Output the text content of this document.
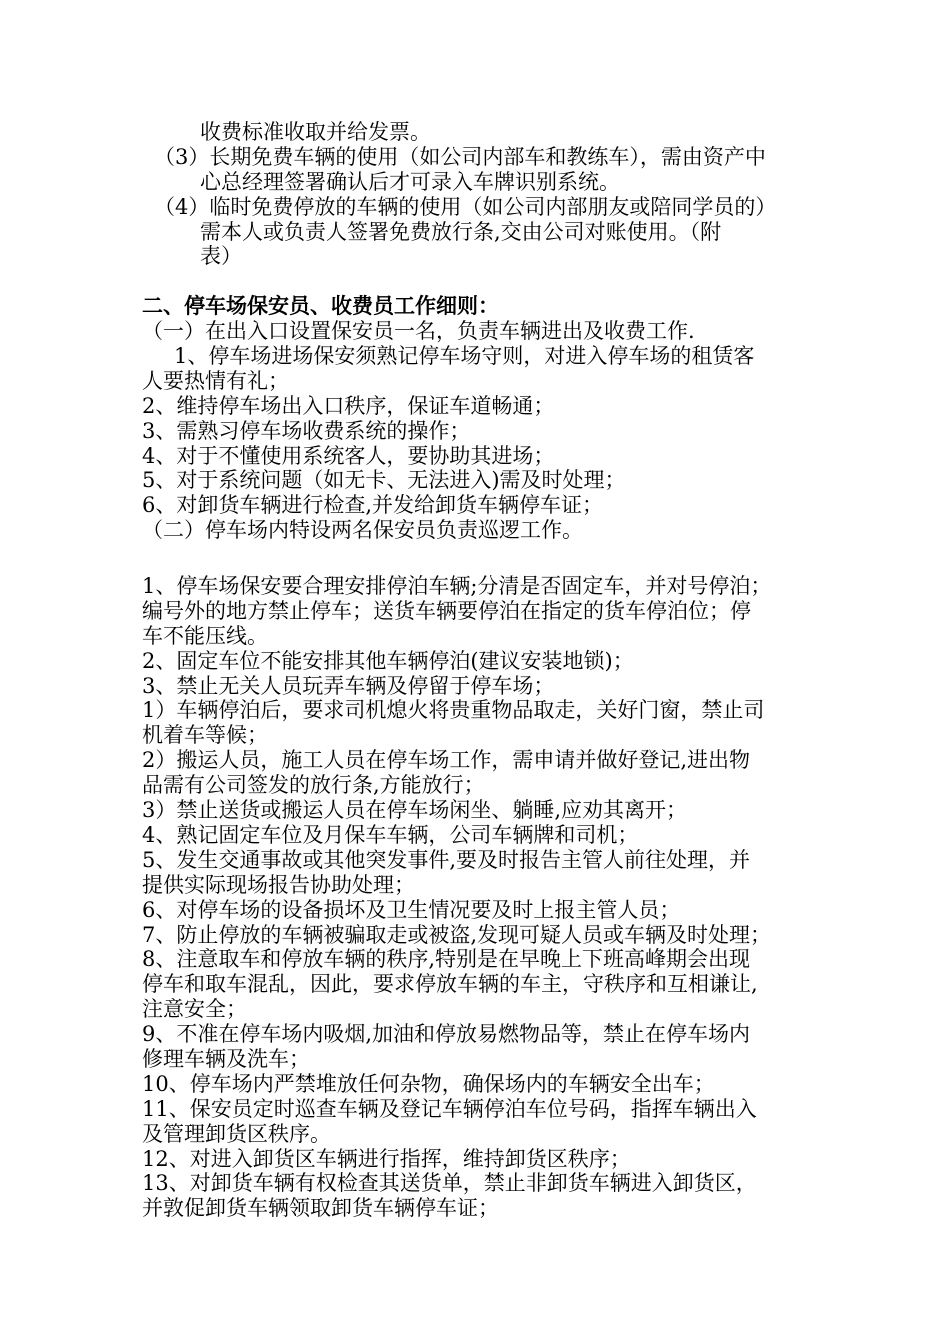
收费标准收取并给发票。
（3）长期免费车辆的使用（如公司内部车和教练车），需由资产中
心总经理签署确认后才可录入车牌识别系统。
（4）临时免费停放的车辆的使用（如公司内部朋友或陪同学员的）
需本人或负责人签署免费放行条,交由公司对账使用。（附
表）
二、停车场保安员、收费员工作细则：
（一）在出入口设置保安员一名，负责车辆进出及收费工作.
1、停车场进场保安须熟记停车场守则，对进入停车场的租赁客
人要热情有礼；
2、维持停车场出入口秩序，保证车道畅通；
3、需熟习停车场收费系统的操作；
4、对于不懂使用系统客人，要协助其进场；
5、对于系统问题（如无卡、无法进入)需及时处理；
6、对卸货车辆进行检查,并发给卸货车辆停车证；
（二）停车场内特设两名保安员负责巡逻工作。
1、停车场保安要合理安排停泊车辆;分清是否固定车，并对号停泊；
编号外的地方禁止停车；送货车辆要停泊在指定的货车停泊位；停
车不能压线。
2、固定车位不能安排其他车辆停泊(建议安装地锁)；
3、禁止无关人员玩弄车辆及停留于停车场；
1）车辆停泊后，要求司机熄火将贵重物品取走，关好门窗，禁止司
机着车等候；
2）搬运人员，施工人员在停车场工作，需申请并做好登记,进出物
品需有公司签发的放行条,方能放行；
3）禁止送货或搬运人员在停车场闲坐、躺睡,应劝其离开；
4、熟记固定车位及月保车车辆，公司车辆牌和司机；
5、发生交通事故或其他突发事件,要及时报告主管人前往处理，并
提供实际现场报告协助处理；
6、对停车场的设备损坏及卫生情况要及时上报主管人员；
7、防止停放的车辆被骗取走或被盗,发现可疑人员或车辆及时处理；
8、注意取车和停放车辆的秩序,特别是在早晚上下班高峰期会出现
停车和取车混乱，因此，要求停放车辆的车主，守秩序和互相谦让,
注意安全；
9、不准在停车场内吸烟,加油和停放易燃物品等，禁止在停车场内
修理车辆及洗车；
10、停车场内严禁堆放任何杂物，确保场内的车辆安全出车；
11、保安员定时巡查车辆及登记车辆停泊车位号码，指挥车辆出入
及管理卸货区秩序。
12、对进入卸货区车辆进行指挥，维持卸货区秩序；
13、对卸货车辆有权检查其送货单，禁止非卸货车辆进入卸货区，
并敦促卸货车辆领取卸货车辆停车证；
